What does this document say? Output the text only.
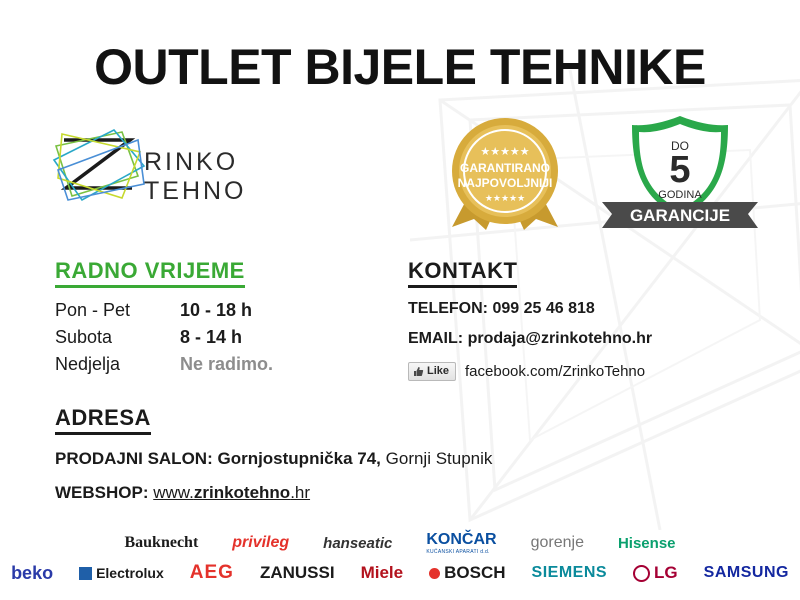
OUTLET BIJELE TEHNIKE
RINKO TEHNO
★★★★★
GARANTIRANO
NAJPOVOLJNIJI
★★★★★
DO
5
GODINA
GARANCIJE
RADNO VRIJEME
Pon - Pet	10 - 18 h
Subota	8 - 14 h
Nedjelja	Ne radimo.
KONTAKT
TELEFON: 099 25 46 818
EMAIL: prodaja@zrinkotehno.hr
Like facebook.com/ZrinkoTehno
ADRESA
PRODAJNI SALON: Gornjostupnička 74, Gornji Stupnik
WEBSHOP: www.zrinkotehno.hr
Bauknecht privileg hanseatic KONČAR
KUĆANSKI APARATI d.d.
gorenje Hisense
beko	Electrolux AEG ZANUSSI Miele BOSCH SIEMENS	LG SAMSUNG
